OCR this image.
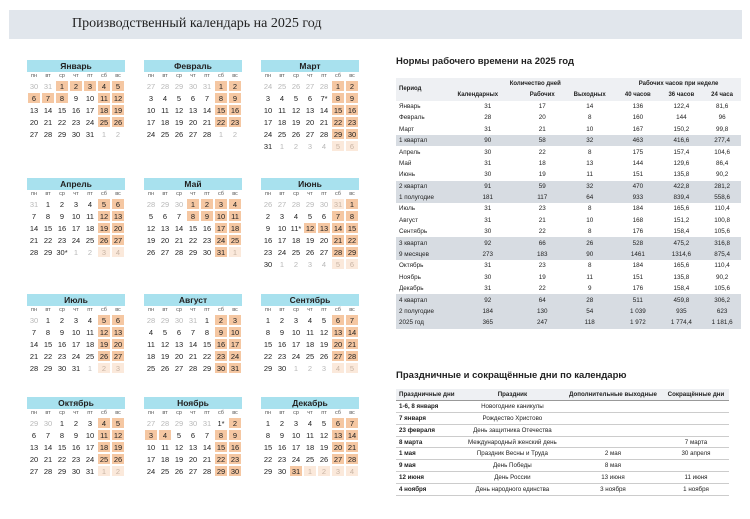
Производственный календарь на 2025 год
Январь
пн	вт	ср	чт	пт	сб	вс
30 31	1	2	3	4	5
6	7	8	9	10 11 12
13 14 15 16 17 18 19
20 21 22 23 24 25 26
27 28 29 30 31	1	2
Февраль
пн	вт	ср	чт	пт	сб	вс
27 28 29 30 31	1	2
3	4	5	6	7	8	9
10 11 12 13 14 15 16
17 18 19 20 21 22 23
24 25 26 27 28	1	2
Март
пн	вт	ср	чт	пт	сб	вс
24 25 26 27 28	1	2
3	4	5	6	7*	8	9
10 11 12 13 14 15 16
17 18 19 20 21 22 23
24 25 26 27 28 29 30
31	1	2	3	4	5	6
Апрель
пн	вт	ср	чт	пт	сб	вс
31	1	2	3	4	5	6
7	8	9	10 11 12 13
14 15 16 17 18 19 20
21 22 23 24 25 26 27
28 29 30* 1	2	3	4
Май
пн	вт	ср	чт	пт	сб	вс
28 29 30	1	2	3	4
5	6	7	8	9	10 11
12 13 14 15 16 17 18
19 20 21 22 23 24 25
26 27 28 29 30 31	1
Июнь
пн	вт	ср	чт	пт	сб	вс
26 27 28 29 30 31	1
2	3	4	5	6	7	8
9	10 11* 12 13 14 15
16 17 18 19 20 21 22
23 24 25 26 27 28 29
30	1	2	3	4	5	6
Июль
пн	вт	ср	чт	пт	сб	вс
30	1	2	3	4	5	6
7	8	9	10 11 12 13
14 15 16 17 18 19 20
21 22 23 24 25 26 27
28 29 30 31	1	2	3
Август
пн	вт	ср	чт	пт	сб	вс
28 29 30 31	1	2	3
4	5	6	7	8	9	10
11 12 13 14 15 16 17
18 19 20 21 22 23 24
25 26 27 28 29 30 31
Сентябрь
пн	вт	ср	чт	пт	сб	вс
1	2	3	4	5	6	7
8	9	10 11 12 13 14
15 16 17 18 19 20 21
22 23 24 25 26 27 28
29 30	1	2	3	4	5
Октябрь
пн	вт	ср	чт	пт	сб	вс
29 30	1	2	3	4	5
6	7	8	9	10 11 12
13 14 15 16 17 18 19
20 21 22 23 24 25 26
27 28 29 30 31	1	2
Ноябрь
пн	вт	ср	чт	пт	сб	вс
27 28 29 30 31 1*	2
3	4	5	6	7	8	9
10 11 12 13 14 15 16
17 18 19 20 21 22 23
24 25 26 27 28 29 30
Декабрь
пн	вт	ср	чт	пт	сб	вс
1	2	3	4	5	6	7
8	9	10 11 12 13 14
15 16 17 18 19 20 21
22 23 24 25 26 27 28
29 30 31	1	2	3	4
Нормы рабочего времени на 2025 год
Период	Количество дней			Рабочих часов при неделе		
	Календарных	Рабочих	Выходных	40 часов	36 часов	24 часа
Январь	31	17	14	136	122,4	81,6
Февраль	28	20	8	160	144	96
Март	31	21	10	167	150,2	99,8
1 квартал	90	58	32	463	416,6	277,4
Апрель	30	22	8	175	157,4	104,6
Май	31	18	13	144	129,6	86,4
Июнь	30	19	11	151	135,8	90,2
2 квартал	91	59	32	470	422,8	281,2
1 полугодие	181	117	64	933	839,4	558,6
Июль	31	23	8	184	165,6	110,4
Август	31	21	10	168	151,2	100,8
Сентябрь	30	22	8	176	158,4	105,6
3 квартал	92	66	26	528	475,2	316,8
9 месяцев	273	183	90	1461	1314,6	875,4
Октябрь	31	23	8	184	165,6	110,4
Ноябрь	30	19	11	151	135,8	90,2
Декабрь	31	22	9	176	158,4	105,6
4 квартал	92	64	28	511	459,8	306,2
2 полугодие	184	130	54	1 039	935	623
2025 год	365	247	118	1 972	1 774,4	1 181,6
Праздничные и сокращённые дни по календарю
Праздничные дни	Праздник	Дополнительные выходные	Сокращённые дни
1-6, 8 января	Новогодние каникулы		
7 января	Рождество Христово		
23 февраля	День защитника Отечества		
8 марта	Международный женский день		7 марта
1 мая	Праздник Весны и Труда	2 мая	30 апреля
9 мая	День Победы	8 мая	
12 июня	День России	13 июня	11 июня
4 ноября	День народного единства	3 ноября	1 ноября
